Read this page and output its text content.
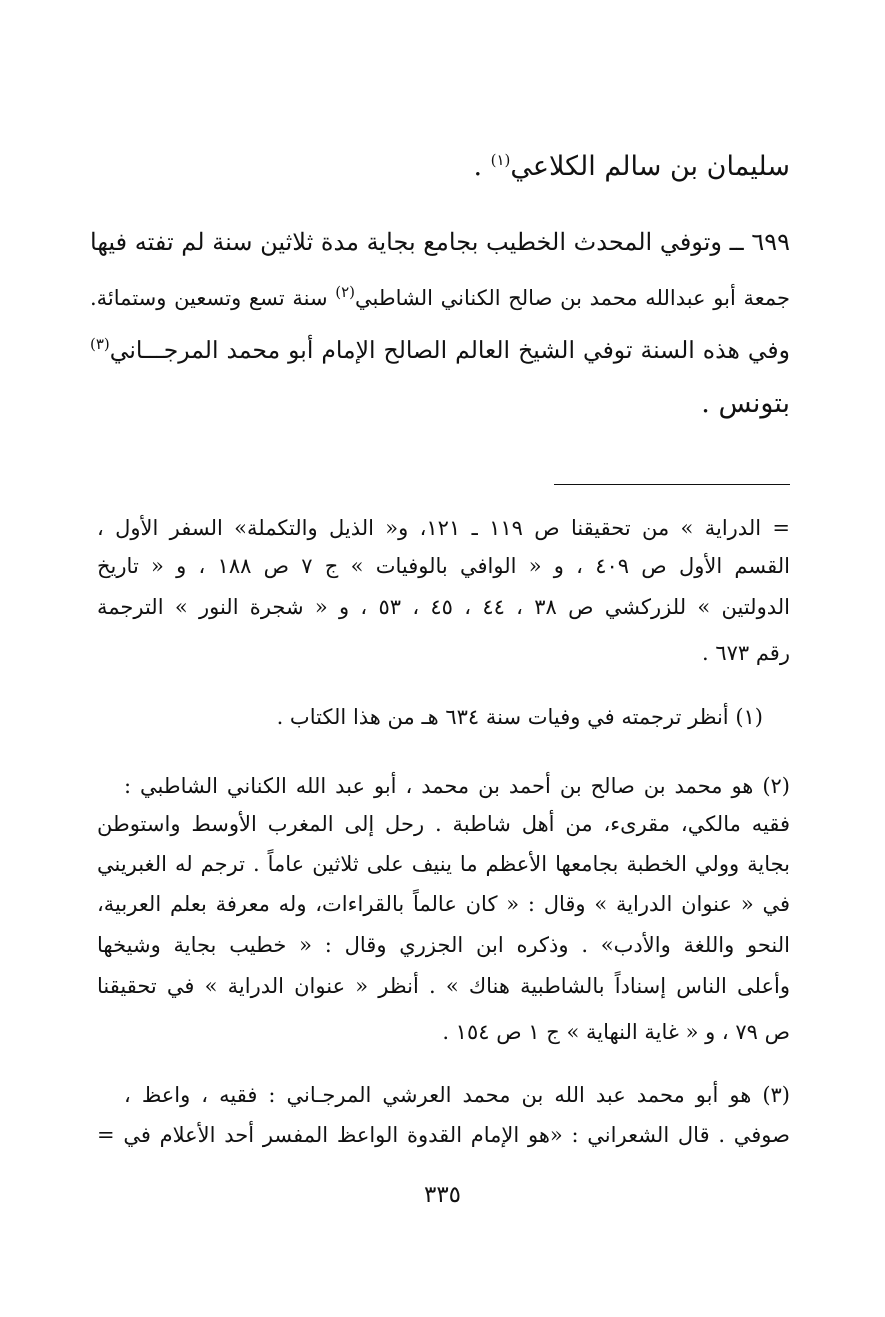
سليمان بن سالم الكلاعي$^{(١)}$ .
٦٩٩ ــ وتوفي المحدث الخطيب بجامع بجاية مدة ثلاثين سنة لم تفته فيها
جمعة أبو عبدالله محمد بن صالح الكناني الشاطبي$^{(٢)}$ سنة تسع وتسعين وستمائة.
وفي هذه السنة توفي الشيخ العالم الصالح الإمام أبو محمد المرجـــاني$^{(٣)}$
بتونس .
= الدراية » من تحقيقنا ص ١١٩ ـ ١٢١، و« الذيل والتكملة» السفر الأول ،
القسم الأول ص ٤٠٩ ، و « الوافي بالوفيات » ج ٧ ص ١٨٨ ، و « تاريخ
الدولتين » للزركشي ص ٣٨ ، ٤٤ ، ٤٥ ، ٥٣ ، و « شجرة النور » الترجمة
رقم ٦٧٣ .
(١) أنظر ترجمته في وفيات سنة ٦٣٤ هـ من هذا الكتاب .
(٢) هو محمد بن صالح بن أحمد بن محمد ، أبو عبد الله الكناني الشاطبي :
فقيه مالكي، مقرىء، من أهل شاطبة . رحل إلى المغرب الأوسط واستوطن
بجاية وولي الخطبة بجامعها الأعظم ما ينيف على ثلاثين عاماً . ترجم له الغبريني
في « عنوان الدراية » وقال : « كان عالماً بالقراءات، وله معرفة بعلم العربية،
النحو واللغة والأدب» . وذكره ابن الجزري وقال : « خطيب بجاية وشيخها
وأعلى الناس إسناداً بالشاطبية هناك » . أنظر « عنوان الدراية » في تحقيقنا
ص ٧٩ ، و « غاية النهاية » ج ١ ص ١٥٤ .
(٣) هو أبو محمد عبد الله بن محمد العرشي المرجـاني : فقيه ، واعظ ،
صوفي . قال الشعراني : «هو الإمام القدوة الواعظ المفسر أحد الأعلام في =
٣٣٥
